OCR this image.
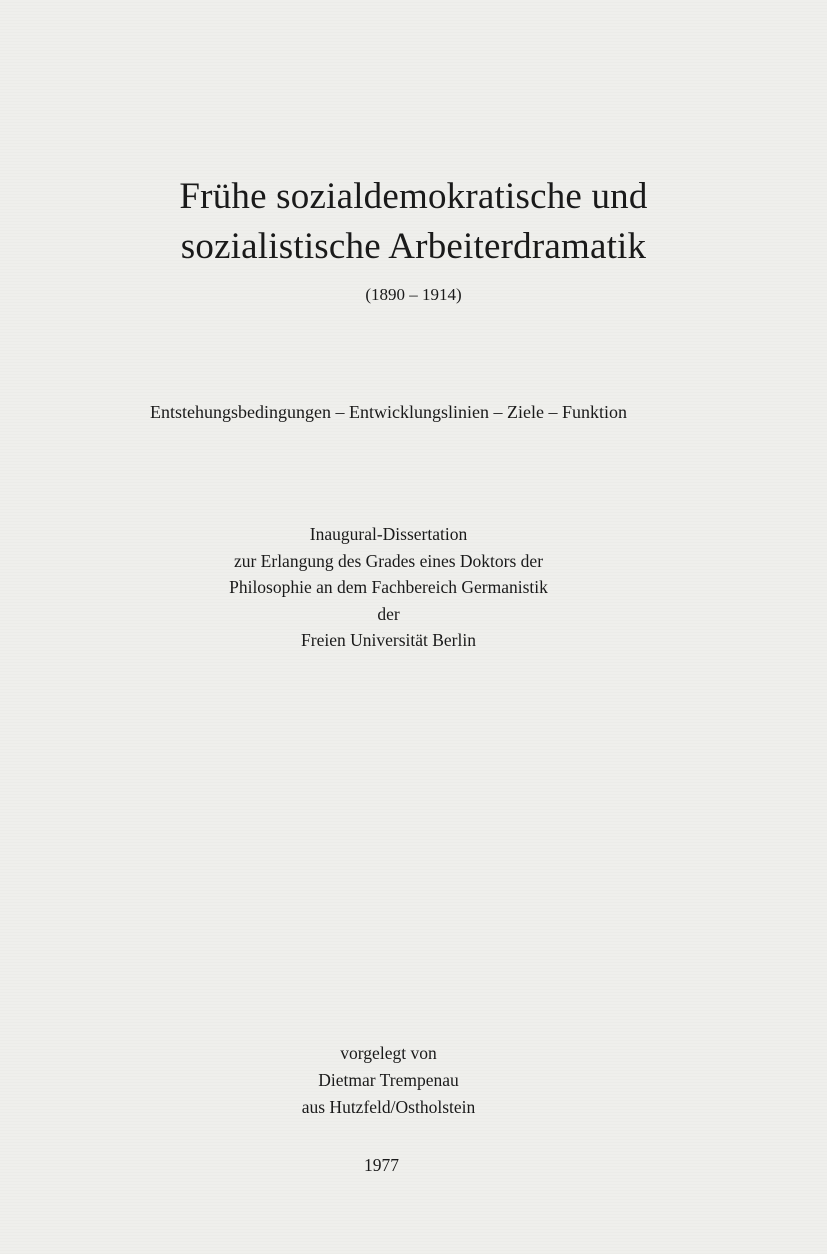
Frühe sozialdemokratische und
sozialistische Arbeiterdramatik
(1890 – 1914)
Entstehungsbedingungen – Entwicklungslinien – Ziele – Funktion
Inaugural-Dissertation
zur Erlangung des Grades eines Doktors der
Philosophie an dem Fachbereich Germanistik
der
Freien Universität Berlin
vorgelegt von
Dietmar Trempenau
aus Hutzfeld/Ostholstein
1977
